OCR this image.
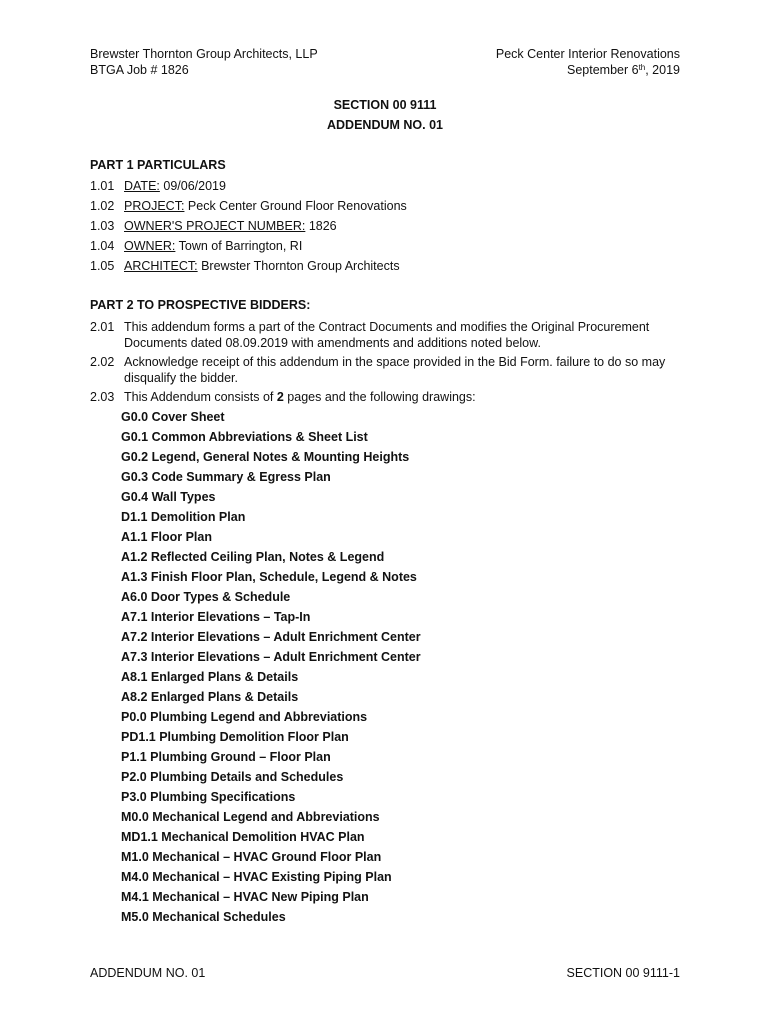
Brewster Thornton Group Architects, LLP
BTGA Job # 1826
Peck Center Interior Renovations
September 6th, 2019
SECTION 00 9111
ADDENDUM NO. 01
PART 1 PARTICULARS
1.01 DATE: 09/06/2019
1.02 PROJECT: Peck Center Ground Floor Renovations
1.03 OWNER'S PROJECT NUMBER: 1826
1.04 OWNER: Town of Barrington, RI
1.05 ARCHITECT: Brewster Thornton Group Architects
PART 2 TO PROSPECTIVE BIDDERS:
2.01 This addendum forms a part of the Contract Documents and modifies the Original Procurement
Documents dated 08.09.2019 with amendments and additions noted below.
2.02 Acknowledge receipt of this addendum in the space provided in the Bid Form. failure to do so may
disqualify the bidder.
2.03 This Addendum consists of 2 pages and the following drawings:
G0.0 Cover Sheet
G0.1 Common Abbreviations & Sheet List
G0.2 Legend, General Notes & Mounting Heights
G0.3 Code Summary & Egress Plan
G0.4 Wall Types
D1.1 Demolition Plan
A1.1 Floor Plan
A1.2 Reflected Ceiling Plan, Notes & Legend
A1.3 Finish Floor Plan, Schedule, Legend & Notes
A6.0 Door Types & Schedule
A7.1 Interior Elevations – Tap-In
A7.2 Interior Elevations – Adult Enrichment Center
A7.3 Interior Elevations – Adult Enrichment Center
A8.1 Enlarged Plans & Details
A8.2 Enlarged Plans & Details
P0.0 Plumbing Legend and Abbreviations
PD1.1 Plumbing Demolition Floor Plan
P1.1 Plumbing Ground – Floor Plan
P2.0 Plumbing Details and Schedules
P3.0 Plumbing Specifications
M0.0 Mechanical Legend and Abbreviations
MD1.1 Mechanical Demolition HVAC Plan
M1.0 Mechanical – HVAC Ground Floor Plan
M4.0 Mechanical – HVAC Existing Piping Plan
M4.1 Mechanical – HVAC New Piping Plan
M5.0 Mechanical Schedules
ADDENDUM NO. 01	SECTION 00 9111-1
